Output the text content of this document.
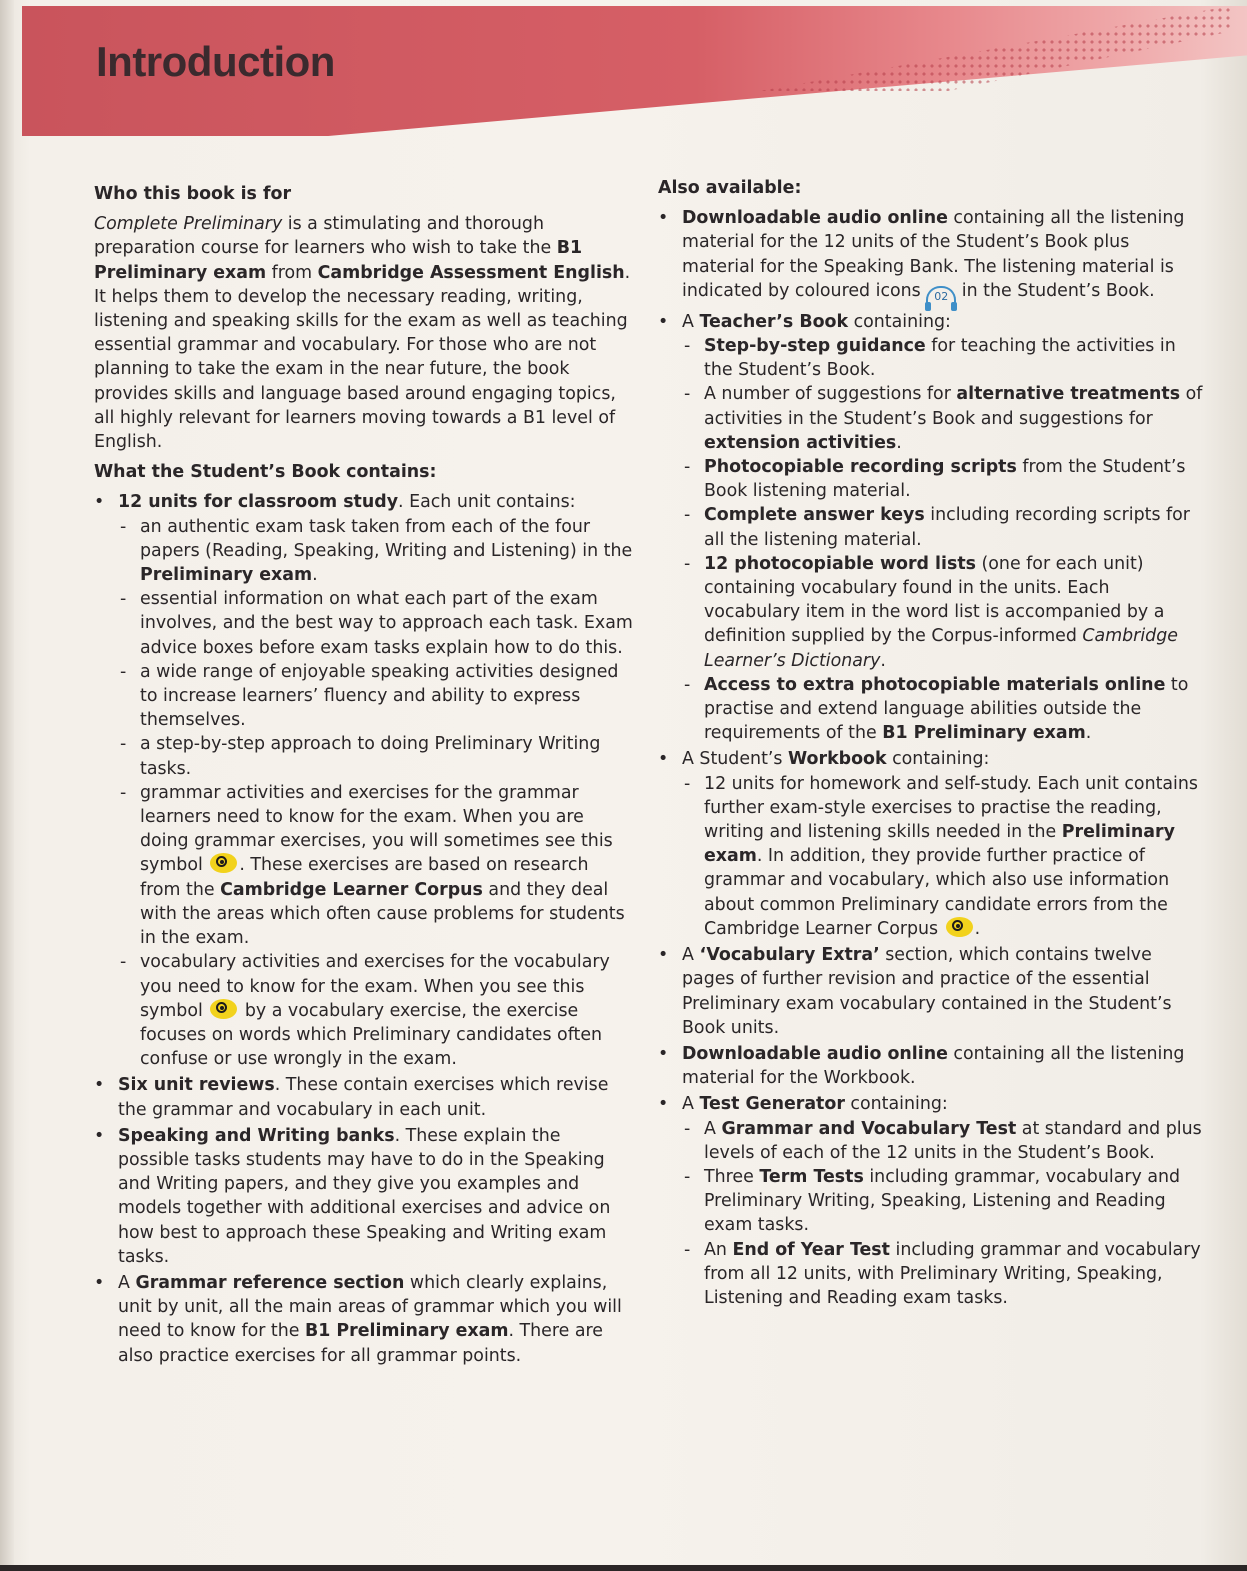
Introduction
Who this book is for

Complete Preliminary is a stimulating and thorough preparation course for learners who wish to take the B1 Preliminary exam from Cambridge Assessment English. It helps them to develop the necessary reading, writing, listening and speaking skills for the exam as well as teaching essential grammar and vocabulary. For those who are not planning to take the exam in the near future, the book provides skills and language based around engaging topics, all highly relevant for learners moving towards a B1 level of English.

What the Student’s Book contains:
• 12 units for classroom study. Each unit contains:
- an authentic exam task taken from each of the four papers (Reading, Speaking, Writing and Listening) in the Preliminary exam.
- essential information on what each part of the exam involves, and the best way to approach each task. Exam advice boxes before exam tasks explain how to do this.
- a wide range of enjoyable speaking activities designed to increase learners’ fluency and ability to express themselves.
- a step-by-step approach to doing Preliminary Writing tasks.
- grammar activities and exercises for the grammar learners need to know for the exam. When you are doing grammar exercises, you will sometimes see this symbol . These exercises are based on research from the Cambridge Learner Corpus and they deal with the areas which often cause problems for students in the exam.
- vocabulary activities and exercises for the vocabulary you need to know for the exam. When you see this symbol  by a vocabulary exercise, the exercise focuses on words which Preliminary candidates often confuse or use wrongly in the exam.
• Six unit reviews. These contain exercises which revise the grammar and vocabulary in each unit.
• Speaking and Writing banks. These explain the possible tasks students may have to do in the Speaking and Writing papers, and they give you examples and models together with additional exercises and advice on how best to approach these Speaking and Writing exam tasks.
• A Grammar reference section which clearly explains, unit by unit, all the main areas of grammar which you will need to know for the B1 Preliminary exam. There are also practice exercises for all grammar points.
Also available:
• Downloadable audio online containing all the listening material for the 12 units of the Student’s Book plus material for the Speaking Bank. The listening material is indicated by coloured icons 02 in the Student’s Book.
• A Teacher’s Book containing:
- Step-by-step guidance for teaching the activities in the Student’s Book.
- A number of suggestions for alternative treatments of activities in the Student’s Book and suggestions for extension activities.
- Photocopiable recording scripts from the Student’s Book listening material.
- Complete answer keys including recording scripts for all the listening material.
- 12 photocopiable word lists (one for each unit) containing vocabulary found in the units. Each vocabulary item in the word list is accompanied by a definition supplied by the Corpus-informed Cambridge Learner’s Dictionary.
- Access to extra photocopiable materials online to practise and extend language abilities outside the requirements of the B1 Preliminary exam.
• A Student’s Workbook containing:
- 12 units for homework and self-study. Each unit contains further exam-style exercises to practise the reading, writing and listening skills needed in the Preliminary exam. In addition, they provide further practice of grammar and vocabulary, which also use information about common Preliminary candidate errors from the Cambridge Learner Corpus .
• A ‘Vocabulary Extra’ section, which contains twelve pages of further revision and practice of the essential Preliminary exam vocabulary contained in the Student’s Book units.
• Downloadable audio online containing all the listening material for the Workbook.
• A Test Generator containing:
- A Grammar and Vocabulary Test at standard and plus levels of each of the 12 units in the Student’s Book.
- Three Term Tests including grammar, vocabulary and Preliminary Writing, Speaking, Listening and Reading exam tasks.
- An End of Year Test including grammar and vocabulary from all 12 units, with Preliminary Writing, Speaking, Listening and Reading exam tasks.
